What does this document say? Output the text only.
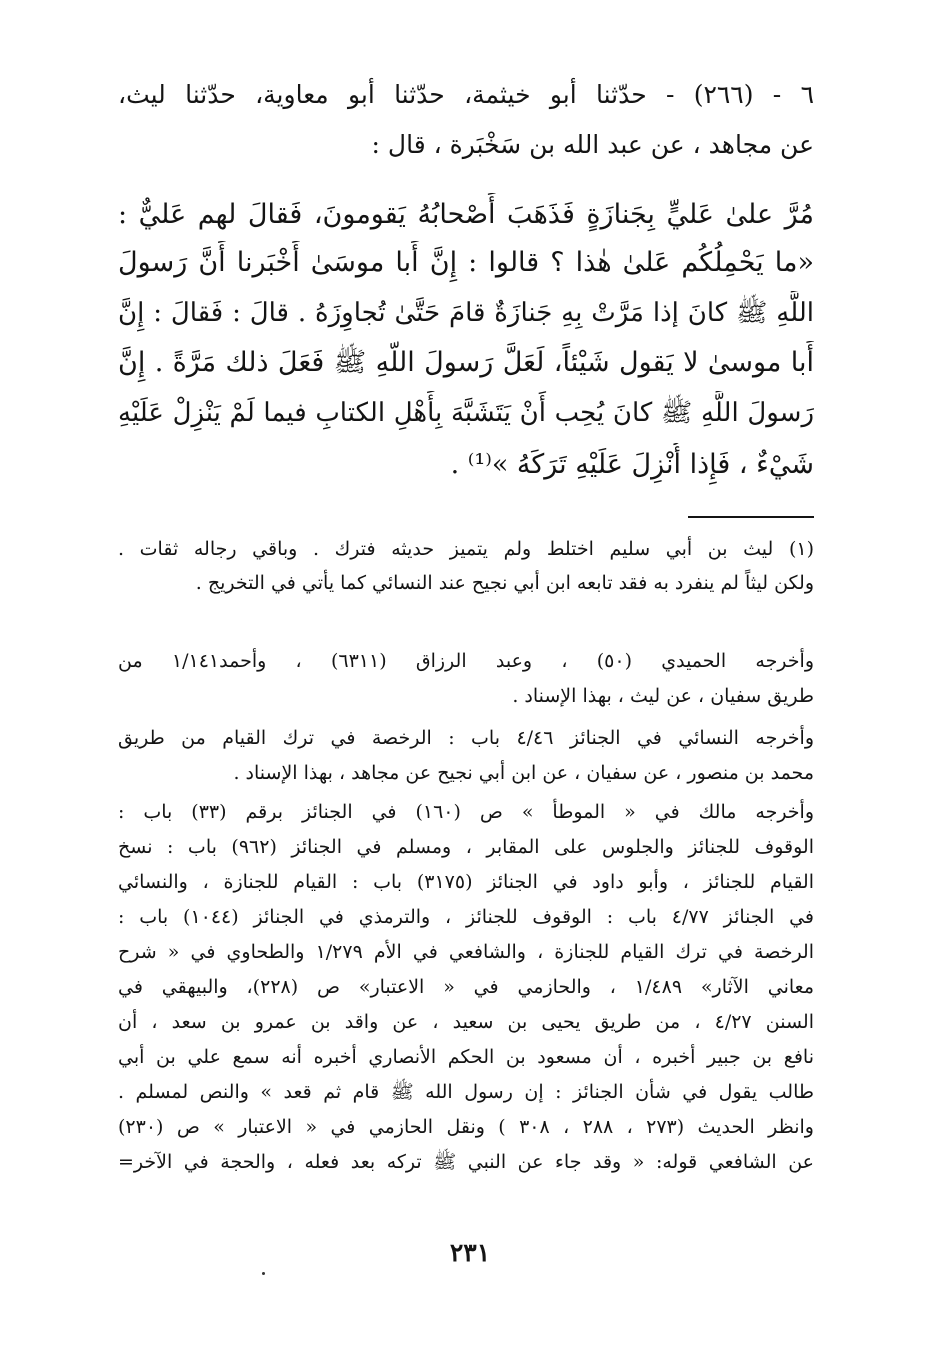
٦ - (٢٦٦) - حدّثنا أبو خيثمة، حدّثنا أبو معاوية، حدّثنا ليث،
عن مجاهد ، عن عبد الله بن سَخْبَرة ، قال :
مُرَّ علىٰ عَليٍّ بِجَنازَةٍ فَذَهَبَ أَصْحابُهُ يَقومونَ، فَقالَ لهم عَليٌّ :
«ما يَحْمِلُكُم عَلىٰ هٰذا ؟ قالوا : إِنَّ أَبا موسَىٰ أَخْبَرنا أَنَّ رَسولَ
اللَّهِ ﷺ كانَ إذا مَرَّتْ بِهِ جَنازَةٌ قامَ حَتَّىٰ تُجاوِزَهُ . قالَ : فَقالَ : إِنَّ
أَبا موسىٰ لا يَقول شَيْئاً، لَعَلَّ رَسولَ اللَّهِ ﷺ فَعَلَ ذلك مَرَّةً . إِنَّ
رَسولَ اللَّهِ ﷺ كانَ يُحِب أَنْ يَتَشَبَّهَ بِأَهْلِ الكتابِ فيما لَمْ يَنْزِلْ عَلَيْهِ
شَيْءٌ ، فَإِذا أُنْزِلَ عَلَيْهِ تَرَكَهُ »⁽¹⁾ .
(١) ليث بن أبي سليم اختلط ولم يتميز حديثه فترك . وباقي رجاله ثقات .
ولكن ليثاً لم ينفرد به فقد تابعه ابن أبي نجيح عند النسائي كما يأتي في التخريج .
وأخرجه الحميدي (٥٠) ، وعبد الرزاق (٦٣١١) ، وأحمد١/١٤١ من
طريق سفيان ، عن ليث ، بهذا الإسناد .
وأخرجه النسائي في الجنائز ٤/٤٦ باب : الرخصة في ترك القيام من طريق
محمد بن منصور ، عن سفيان ، عن ابن أبي نجيح عن مجاهد ، بهذا الإسناد .
وأخرجه مالك في « الموطأ » ص (١٦٠) في الجنائز برقم (٣٣) باب :
الوقوف للجنائز والجلوس على المقابر ، ومسلم في الجنائز (٩٦٢) باب : نسخ
القيام للجنائز ، وأبو داود في الجنائز (٣١٧٥) باب : القيام للجنازة ، والنسائي
في الجنائز ٤/٧٧ باب : الوقوف للجنائز ، والترمذي في الجنائز (١٠٤٤) باب :
الرخصة في ترك القيام للجنازة ، والشافعي في الأم ١/٢٧٩ والطحاوي في « شرح
معاني الآثار» ١/٤٨٩ ، والحازمي في « الاعتبار» ص (٢٢٨)، والبيهقي في
السنن ٤/٢٧ ، من طريق يحيى بن سعيد ، عن واقد بن عمرو بن سعد ، أن
نافع بن جبير أخبره ، أن مسعود بن الحكم الأنصاري أخبره أنه سمع علي بن أبي
طالب يقول في شأن الجنائز : إن رسول الله ﷺ قام ثم قعد » والنص لمسلم .
وانظر الحديث (٢٧٣ ، ٢٨٨ ، ٣٠٨ ) ونقل الحازمي في « الاعتبار » ص (٢٣٠)
عن الشافعي قوله: « وقد جاء عن النبي ﷺ تركه بعد فعله ، والحجة في الآخر=
٢٣١
